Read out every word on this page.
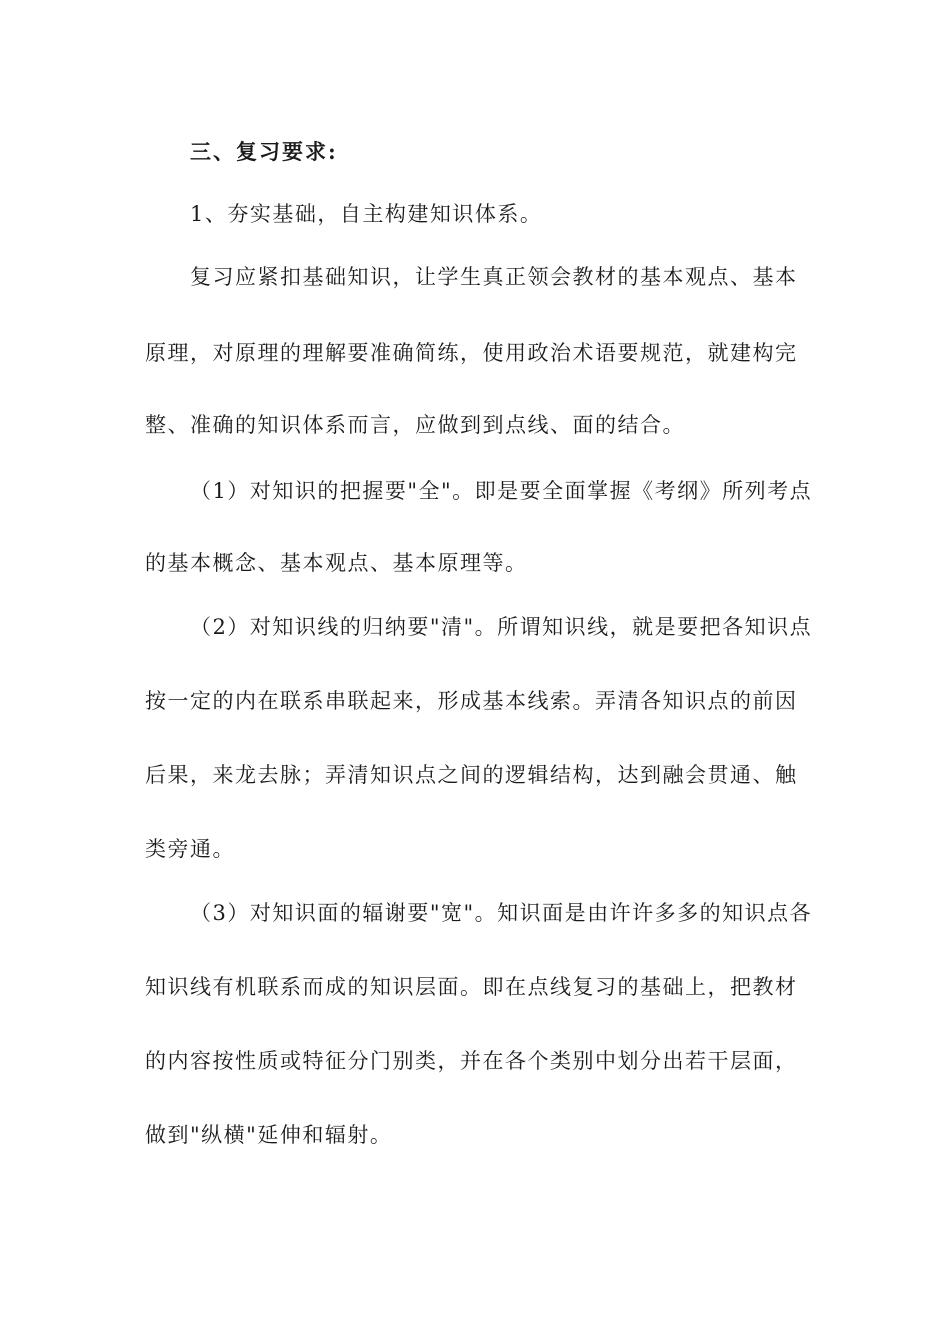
三、复习要求:
1、夯实基础，自主构建知识体系。
复习应紧扣基础知识，让学生真正领会教材的基本观点、基本
原理，对原理的理解要准确简练，使用政治术语要规范，就建构完
整、准确的知识体系而言，应做到到点线、面的结合。
（1）对知识的把握要"全"。即是要全面掌握《考纲》所列考点
的基本概念、基本观点、基本原理等。
（2）对知识线的归纳要"清"。所谓知识线，就是要把各知识点
按一定的内在联系串联起来，形成基本线索。弄清各知识点的前因
后果，来龙去脉；弄清知识点之间的逻辑结构，达到融会贯通、触
类旁通。
（3）对知识面的辐谢要"宽"。知识面是由许许多多的知识点各
知识线有机联系而成的知识层面。即在点线复习的基础上，把教材
的内容按性质或特征分门别类，并在各个类别中划分出若干层面，
做到"纵横"延伸和辐射。
